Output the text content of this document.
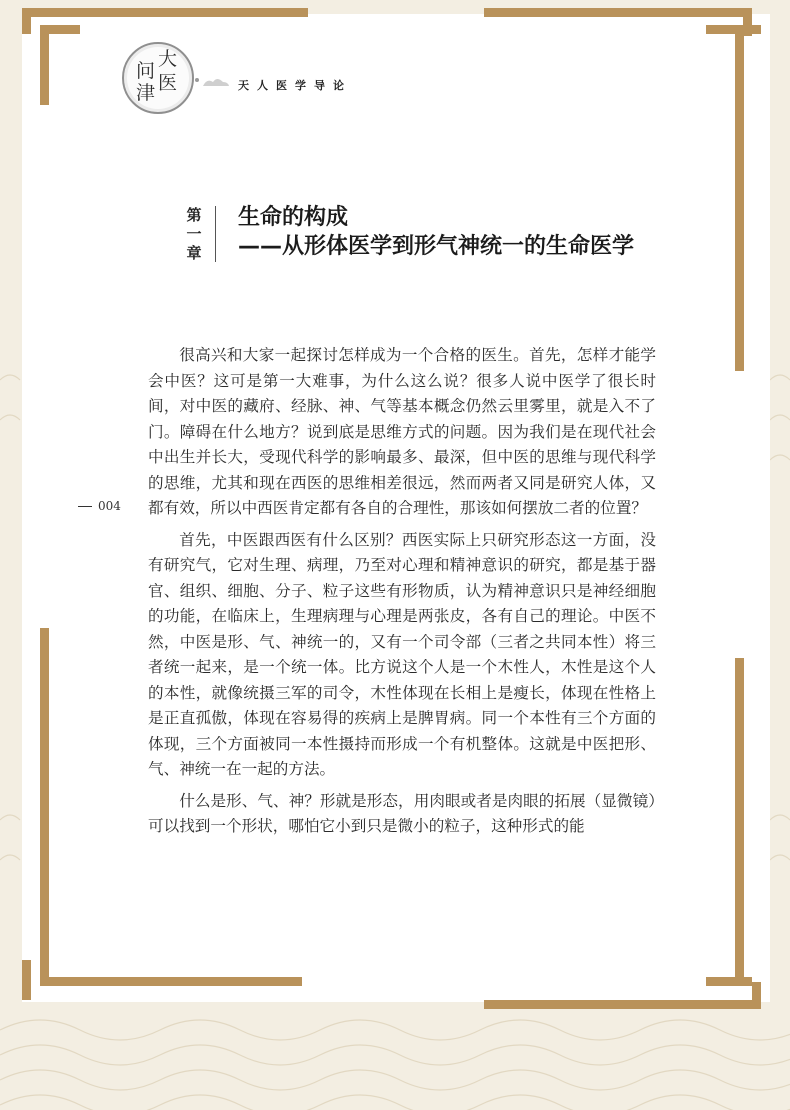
问
大
津 医	天人医学导论
第
一
章
生命的构成
——从形体医学到形气神统一的生命医学
004

很高兴和大家一起探讨怎样成为一个合格的医生。首先，怎样才能学会中医？这可是第一大难事，为什么这么说？很多人说中医学了很长时间，对中医的藏府、经脉、神、气等基本概念仍然云里雾里，就是入不了门。障碍在什么地方？说到底是思维方式的问题。因为我们是在现代社会中出生并长大，受现代科学的影响最多、最深，但中医的思维与现代科学的思维，尤其和现在西医的思维相差很远，然而两者又同是研究人体，又都有效，所以中西医肯定都有各自的合理性，那该如何摆放二者的位置？

首先，中医跟西医有什么区别？西医实际上只研究形态这一方面，没有研究气，它对生理、病理，乃至对心理和精神意识的研究，都是基于器官、组织、细胞、分子、粒子这些有形物质，认为精神意识只是神经细胞的功能，在临床上，生理病理与心理是两张皮，各有自己的理论。中医不然，中医是形、气、神统一的，又有一个司令部（三者之共同本性）将三者统一起来，是一个统一体。比方说这个人是一个木性人，木性是这个人的本性，就像统摄三军的司令，木性体现在长相上是瘦长，体现在性格上是正直孤傲，体现在容易得的疾病上是脾胃病。同一个本性有三个方面的体现，三个方面被同一本性摄持而形成一个有机整体。这就是中医把形、气、神统一在一起的方法。

什么是形、气、神？形就是形态，用肉眼或者是肉眼的拓展（显微镜）可以找到一个形状，哪怕它小到只是微小的粒子，这种形式的能
